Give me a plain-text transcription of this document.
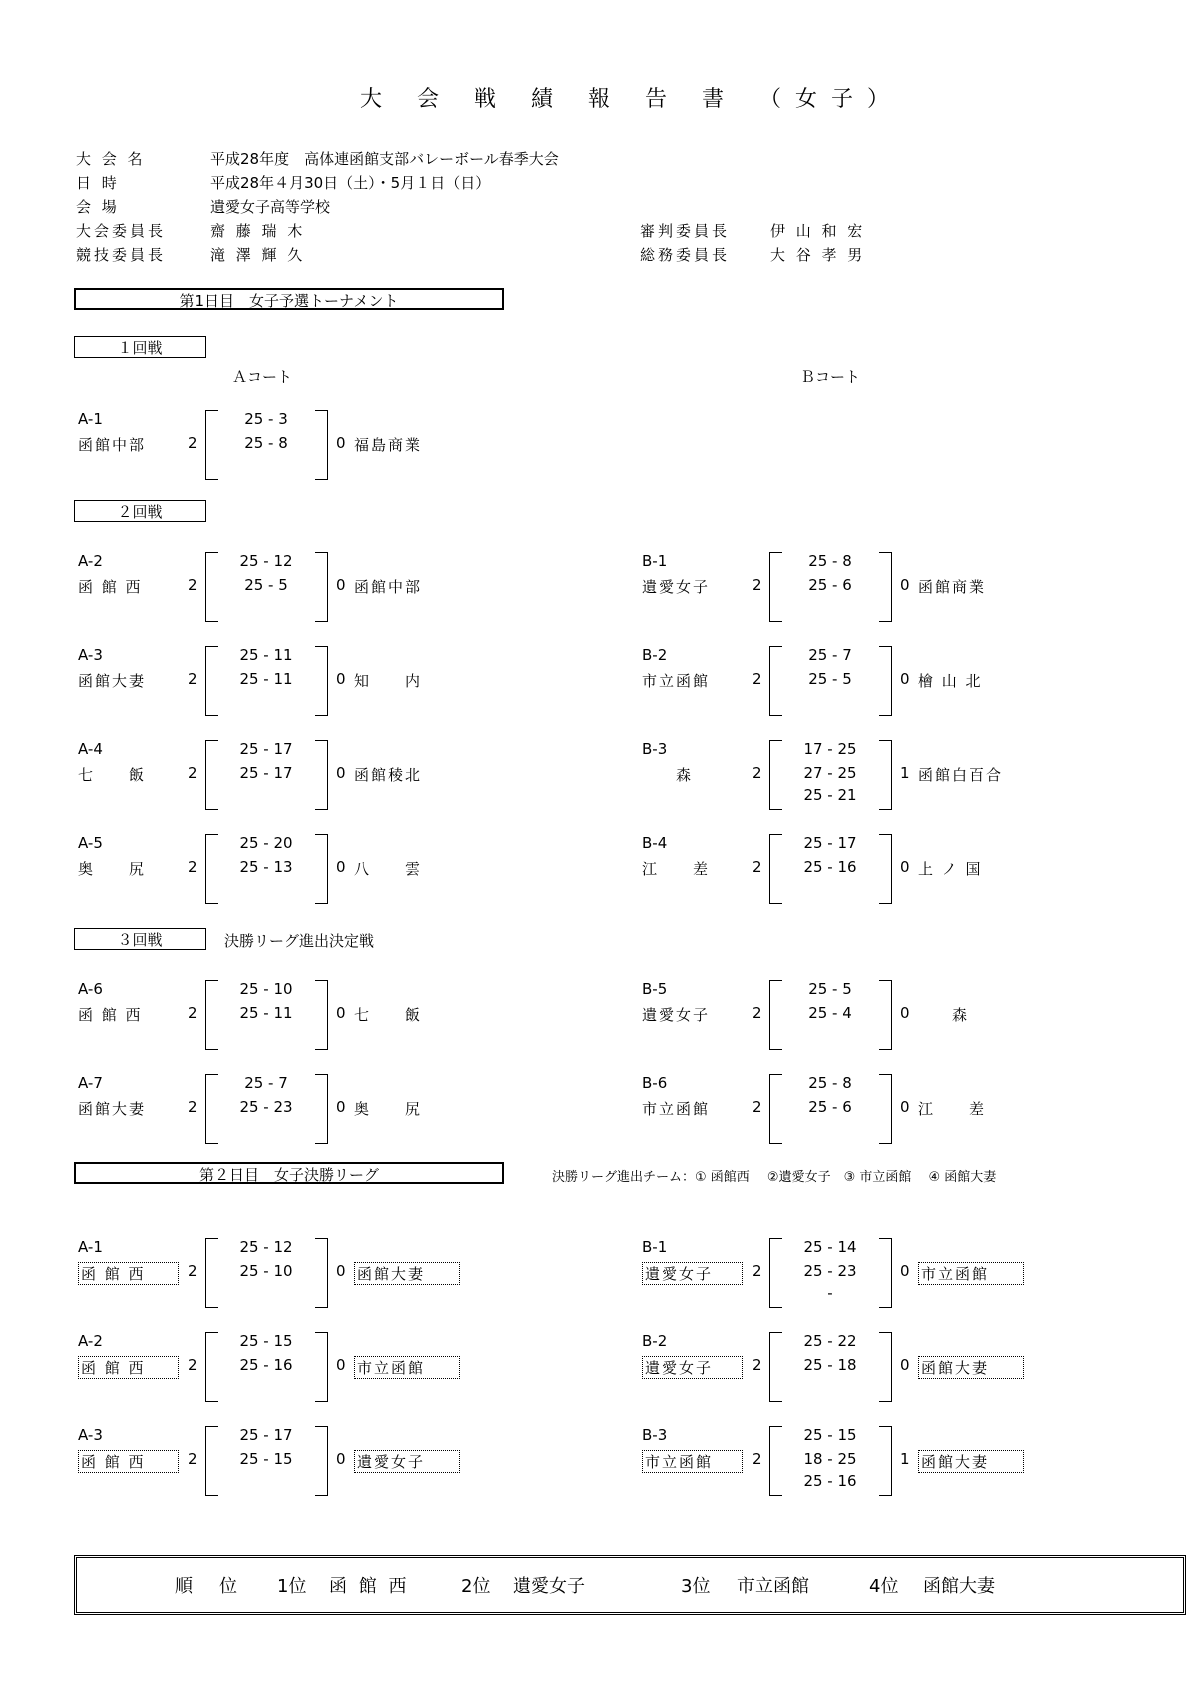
大 会 戦 績 報 告 書 （女子）
大 会 名	平成28年度　高体連函館支部バレーボール春季大会
日 時	平成28年４月30日（土）・5月１日（日）
会 場	遺愛女子高等学校
大会委員長	齋 藤 瑞 木	審判委員長	伊 山 和 宏
競技委員長	滝 澤 輝 久	総務委員長	大 谷 孝 男
第1日目　女子予選トーナメント
１回戦
Ａコート	Ｂコート
A-1
函館中部	2
25 - 3
25 - 8	0 福島商業
２回戦
A-2
函 館 西	2
25 - 12
25 - 5	0 函館中部
B-1
遺愛女子	2
25 - 8
25 - 6	0 函館商業
A-3
函館大妻	2
25 - 11
25 - 11	0 知　　内
B-2
市立函館	2
25 - 7
25 - 5	0 檜 山 北
A-4
七　　飯	2
25 - 17
25 - 17	0 函館稜北
B-3
　　森	2
17 - 25
27 - 25
25 - 21
1 函館白百合
A-5
奥　　尻	2
25 - 20
25 - 13	0 八　　雲
B-4
江　　差	2
25 - 17
25 - 16	0 上 ノ 国
３回戦	決勝リーグ進出決定戦
A-6
函 館 西	2
25 - 10
25 - 11	0 七　　飯
B-5
遺愛女子	2
25 - 5
25 - 4	0 　　森
A-7
函館大妻	2
25 - 7
25 - 23	0 奥　　尻
B-6
市立函館	2
25 - 8
25 - 6	0 江　　差
第２日目　女子決勝リーグ	決勝リーグ進出チーム：① 函館西　 ②遺愛女子　③ 市立函館　 ④ 函館大妻
A-1
函 館 西	2
25 - 12
25 - 10	0 函館大妻
B-1
遺愛女子	2
25 - 14
25 - 23
-
0 市立函館
A-2
函 館 西	2
25 - 15
25 - 16	0 市立函館
B-2
遺愛女子	2
25 - 22
25 - 18	0 函館大妻
A-3
函 館 西	2
25 - 17
25 - 15	0 遺愛女子
B-3
市立函館	2
25 - 15
18 - 25
25 - 16
1 函館大妻
順　位 1位 函 館 西	2位 遺愛女子	3位 市立函館	4位 函館大妻
